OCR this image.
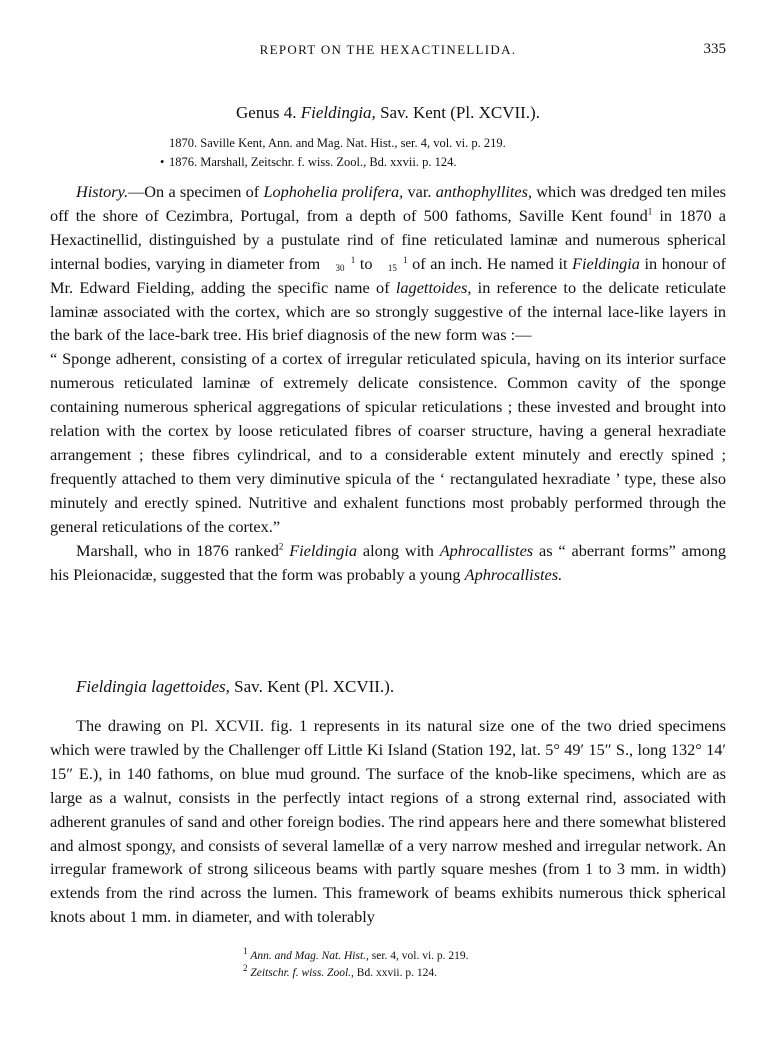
REPORT ON THE HEXACTINELLIDA.	335
Genus 4. Fieldingia, Sav. Kent (Pl. XCVII.).
1870. Saville Kent, Ann. and Mag. Nat. Hist., ser. 4, vol. vi. p. 219.
• 1876. Marshall, Zeitschr. f. wiss. Zool., Bd. xxvii. p. 124.

History.—On a specimen of Lophohelia prolifera, var. anthophyllites, which was dredged ten miles off the shore of Cezimbra, Portugal, from a depth of 500 fathoms, Saville Kent found$^1$ in 1870 a Hexactinellid, distinguished by a pustulate rind of fine reticulated laminæ and numerous spherical internal bodies, varying in diameter from	1
30 to	1
15 of an inch. He named it Fieldingia in honour of Mr. Edward Fielding, adding the specific name of lagettoides, in reference to the delicate reticulate laminæ associated with the cortex, which are so strongly suggestive of the internal lace-like layers in the bark of the lace-bark tree. His brief diagnosis of the new form was :—

“ Sponge adherent, consisting of a cortex of irregular reticulated spicula, having on its interior surface numerous reticulated laminæ of extremely delicate consistence. Common cavity of the sponge containing numerous spherical aggregations of spicular reticulations ; these invested and brought into relation with the cortex by loose reticulated fibres of coarser structure, having a general hexradiate arrangement ; these fibres cylindrical, and to a considerable extent minutely and erectly spined ; frequently attached to them very diminutive spicula of the ‘ rectangulated hexradiate ’ type, these also minutely and erectly spined. Nutritive and exhalent functions most probably performed through the general reticulations of the cortex.”

Marshall, who in 1876 ranked$^2$ Fieldingia along with Aphrocallistes as “ aberrant forms” among his Pleionacidæ, suggested that the form was probably a young Aphrocallistes.

Fieldingia lagettoides, Sav. Kent (Pl. XCVII.).

The drawing on Pl. XCVII. fig. 1 represents in its natural size one of the two dried specimens which were trawled by the Challenger off Little Ki Island (Station 192, lat. 5° 49′ 15″ S., long 132° 14′ 15″ E.), in 140 fathoms, on blue mud ground. The surface of the knob-like specimens, which are as large as a walnut, consists in the perfectly intact regions of a strong external rind, associated with adherent granules of sand and other foreign bodies. The rind appears here and there somewhat blistered and almost spongy, and consists of several lamellæ of a very narrow meshed and irregular network. An irregular framework of strong siliceous beams with partly square meshes (from 1 to 3 mm. in width) extends from the rind across the lumen. This framework of beams exhibits numerous thick spherical knots about 1 mm. in diameter, and with tolerably

$^1$ Ann. and Mag. Nat. Hist., ser. 4, vol. vi. p. 219.
$^2$ Zeitschr. f. wiss. Zool., Bd. xxvii. p. 124.
